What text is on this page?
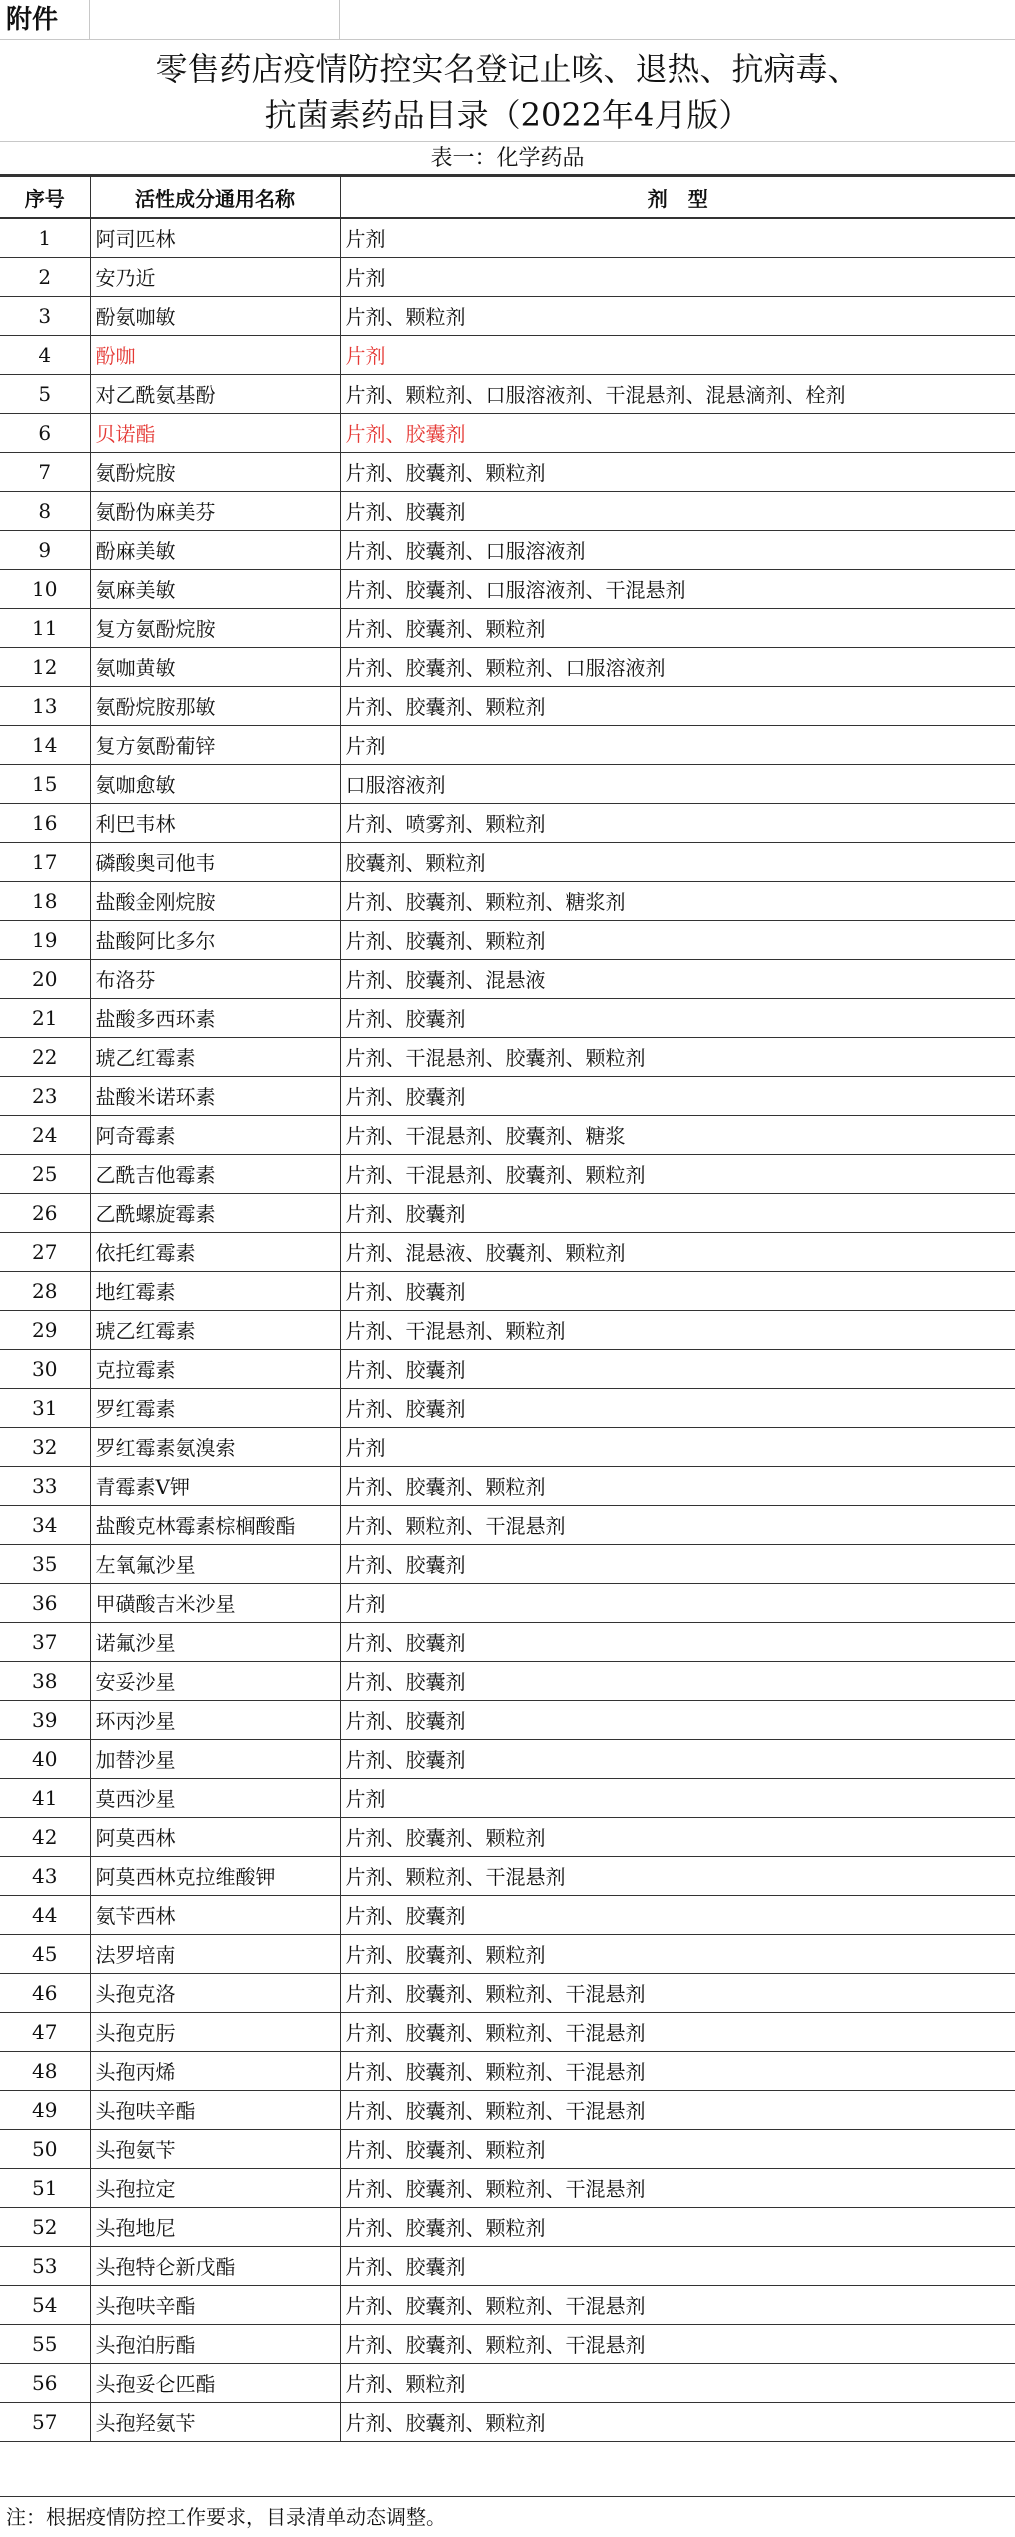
附件
零售药店疫情防控实名登记止咳、退热、抗病毒、
抗菌素药品目录（2022年4月版）
表一：化学药品
序号	活性成分通用名称	剂　型
1	阿司匹林	片剂
2	安乃近	片剂
3	酚氨咖敏	片剂、颗粒剂
4	酚咖	片剂
5	对乙酰氨基酚	片剂、颗粒剂、口服溶液剂、干混悬剂、混悬滴剂、栓剂
6	贝诺酯	片剂、胶囊剂
7	氨酚烷胺	片剂、胶囊剂、颗粒剂
8	氨酚伪麻美芬	片剂、胶囊剂
9	酚麻美敏	片剂、胶囊剂、口服溶液剂
10	氨麻美敏	片剂、胶囊剂、口服溶液剂、干混悬剂
11	复方氨酚烷胺	片剂、胶囊剂、颗粒剂
12	氨咖黄敏	片剂、胶囊剂、颗粒剂、口服溶液剂
13	氨酚烷胺那敏	片剂、胶囊剂、颗粒剂
14	复方氨酚葡锌	片剂
15	氨咖愈敏	口服溶液剂
16	利巴韦林	片剂、喷雾剂、颗粒剂
17	磷酸奥司他韦	胶囊剂、颗粒剂
18	盐酸金刚烷胺	片剂、胶囊剂、颗粒剂、糖浆剂
19	盐酸阿比多尔	片剂、胶囊剂、颗粒剂
20	布洛芬	片剂、胶囊剂、混悬液
21	盐酸多西环素	片剂、胶囊剂
22	琥乙红霉素	片剂、干混悬剂、胶囊剂、颗粒剂
23	盐酸米诺环素	片剂、胶囊剂
24	阿奇霉素	片剂、干混悬剂、胶囊剂、糖浆
25	乙酰吉他霉素	片剂、干混悬剂、胶囊剂、颗粒剂
26	乙酰螺旋霉素	片剂、胶囊剂
27	依托红霉素	片剂、混悬液、胶囊剂、颗粒剂
28	地红霉素	片剂、胶囊剂
29	琥乙红霉素	片剂、干混悬剂、颗粒剂
30	克拉霉素	片剂、胶囊剂
31	罗红霉素	片剂、胶囊剂
32	罗红霉素氨溴索	片剂
33	青霉素V钾	片剂、胶囊剂、颗粒剂
34	盐酸克林霉素棕榈酸酯	片剂、颗粒剂、干混悬剂
35	左氧氟沙星	片剂、胶囊剂
36	甲磺酸吉米沙星	片剂
37	诺氟沙星	片剂、胶囊剂
38	安妥沙星	片剂、胶囊剂
39	环丙沙星	片剂、胶囊剂
40	加替沙星	片剂、胶囊剂
41	莫西沙星	片剂
42	阿莫西林	片剂、胶囊剂、颗粒剂
43	阿莫西林克拉维酸钾	片剂、颗粒剂、干混悬剂
44	氨苄西林	片剂、胶囊剂
45	法罗培南	片剂、胶囊剂、颗粒剂
46	头孢克洛	片剂、胶囊剂、颗粒剂、干混悬剂
47	头孢克肟	片剂、胶囊剂、颗粒剂、干混悬剂
48	头孢丙烯	片剂、胶囊剂、颗粒剂、干混悬剂
49	头孢呋辛酯	片剂、胶囊剂、颗粒剂、干混悬剂
50	头孢氨苄	片剂、胶囊剂、颗粒剂
51	头孢拉定	片剂、胶囊剂、颗粒剂、干混悬剂
52	头孢地尼	片剂、胶囊剂、颗粒剂
53	头孢特仑新戊酯	片剂、胶囊剂
54	头孢呋辛酯	片剂、胶囊剂、颗粒剂、干混悬剂
55	头孢泊肟酯	片剂、胶囊剂、颗粒剂、干混悬剂
56	头孢妥仑匹酯	片剂、颗粒剂
57	头孢羟氨苄	片剂、胶囊剂、颗粒剂
注：根据疫情防控工作要求，目录清单动态调整。
